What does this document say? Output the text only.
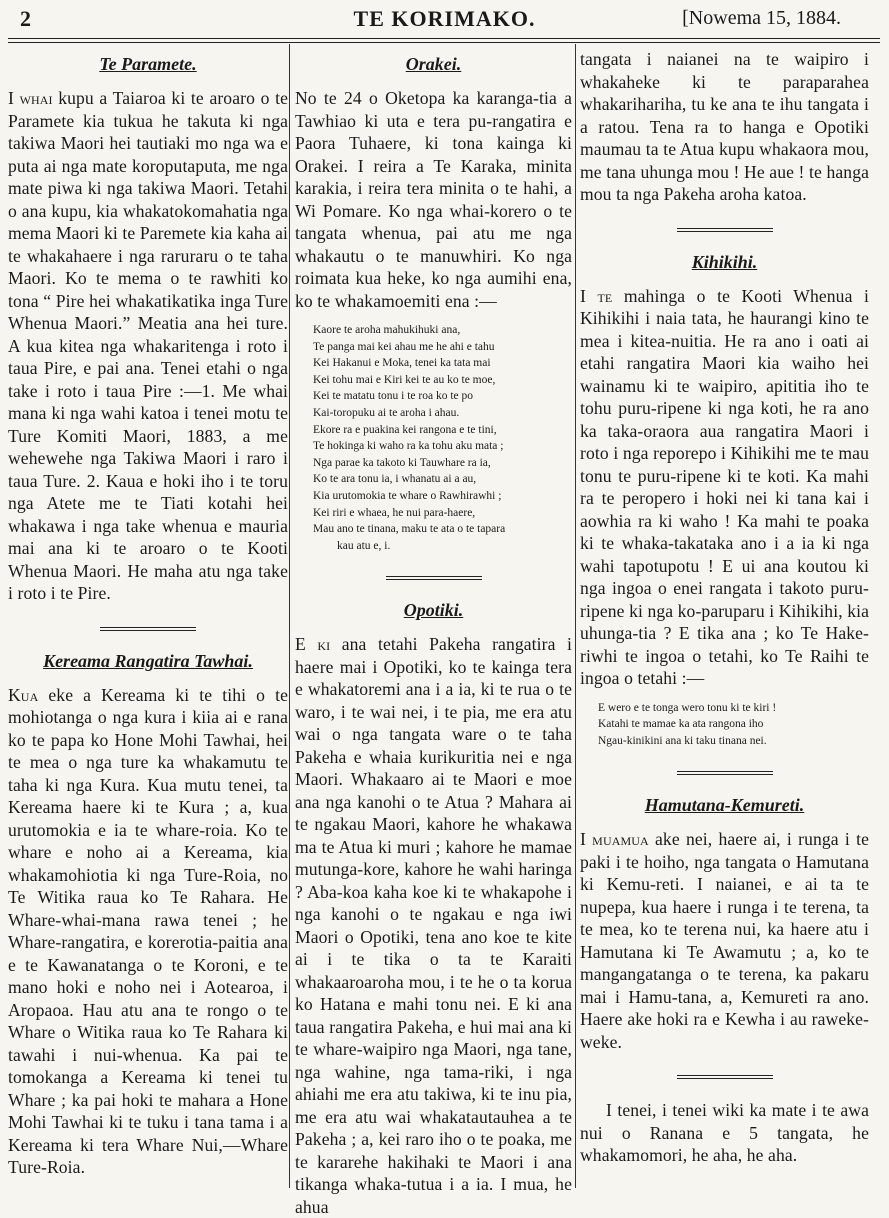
2	TE KORIMAKO.	[Nowema 15, 1884.
Te Paramete.

I whai kupu a Taiaroa ki te aroaro o te Paramete kia tukua he takuta ki nga takiwa Maori hei tautiaki mo nga wa e puta ai nga mate koroputaputa, me nga mate piwa ki nga takiwa Maori. Tetahi o ana kupu, kia whakatokomahatia nga mema Maori ki te Paremete kia kaha ai te whakahaere i nga raruraru o te taha Maori. Ko te mema o te rawhiti ko tona “ Pire hei whakatikatika inga Ture Whenua Maori.” Meatia ana hei ture. A kua kitea nga whakaritenga i roto i taua Pire, e pai ana. Tenei etahi o nga take i roto i taua Pire :—1. Me whai mana ki nga wahi katoa i tenei motu te Ture Komiti Maori, 1883, a me wehewehe nga Takiwa Maori i raro i taua Ture. 2. Kaua e hoki iho i te toru nga Atete me te Tiati kotahi hei whakawa i nga take whenua e mauria mai ana ki te aroaro o te Kooti Whenua Maori. He maha atu nga take i roto i te Pire.

Kereama Rangatira Tawhai.

Kua eke a Kereama ki te tihi o te mohiotanga o nga kura i kiia ai e rana ko te papa ko Hone Mohi Tawhai, hei te mea o nga ture ka whakamutu te taha ki nga Kura. Kua mutu tenei, ta Kereama haere ki te Kura ; a, kua urutomokia e ia te whare-roia. Ko te whare e noho ai a Kereama, kia whakamohiotia ki nga Ture-Roia, no Te Witika raua ko Te Rahara. He Whare-whai-mana rawa tenei ; he Whare-rangatira, e korerotia-paitia ana e te Kawanatanga o te Koroni, e te mano hoki e noho nei i Aotearoa, i Aropaoa. Hau atu ana te rongo o te Whare o Witika raua ko Te Rahara ki tawahi i nui-whenua. Ka pai te tomokanga a Kereama ki tenei tu Whare ; ka pai hoki te mahara a Hone Mohi Tawhai ki te tuku i tana tama i a Kereama ki tera Whare Nui,—Whare Ture-Roia.

Orakei.

No te 24 o Oketopa ka karanga-tia a Tawhiao ki uta e tera pu-rangatira e Paora Tuhaere, ki tona kainga ki Orakei. I reira a Te Karaka, minita karakia, i reira tera minita o te hahi, a Wi Pomare. Ko nga whai-korero o te tangata whenua, pai atu me nga whakautu o te manuwhiri. Ko nga roimata kua heke, ko nga aumihi ena, ko te whakamoemiti ena :—

Kaore te aroha mahukihuki ana,
Te panga mai kei ahau me he ahi e tahu
Kei Hakanui e Moka, tenei ka tata mai
Kei tohu mai e Kiri kei te au ko te moe,
Kei te matatu tonu i te roa ko te po
Kai-toropuku ai te aroha i ahau.
Ekore ra e puakina kei rangona e te tini,
Te hokinga ki waho ra ka tohu aku mata ;
Nga parae ka takoto ki Tauwhare ra ia,
Ko te ara tonu ia, i whanatu ai a au,
Kia urutomokia te whare o Rawhirawhi ;
Kei riri e whaea, he nui para-haere,
Mau ano te tinana, maku te ata o te tapara
kau atu e, i.
Opotiki.

E ki ana tetahi Pakeha rangatira i haere mai i Opotiki, ko te kainga tera e whakatoremi ana i a ia, ki te rua o te waro, i te wai nei, i te pia, me era atu wai o nga tangata ware o te taha Pakeha e whaia kurikuritia nei e nga Maori. Whakaaro ai te Maori e moe ana nga kanohi o te Atua ? Mahara ai te ngakau Maori, kahore he whakawa ma te Atua ki muri ; kahore he mamae mutunga-kore, kahore he wahi haringa ? Aba-koa kaha koe ki te whakapohe i nga kanohi o te ngakau e nga iwi Maori o Opotiki, tena ano koe te kite ai i te tika o ta te Karaiti whakaaroaroha mou, i te he o ta korua ko Hatana e mahi tonu nei. E ki ana taua rangatira Pakeha, e hui mai ana ki te whare-waipiro nga Maori, nga tane, nga wahine, nga tama-riki, i nga ahiahi me era atu takiwa, ki te inu pia, me era atu wai whakatautauhea a te Pakeha ; a, kei raro iho o te poaka, me te kararehe hakihaki te Maori i ana tikanga whaka-tutua i a ia. I mua, he ahua

tangata i naianei na te waipiro i whakaheke ki te paraparahea whakarihariha, tu ke ana te ihu tangata i a ratou. Tena ra to hanga e Opotiki maumau ta te Atua kupu whakaora mou, me tana uhunga mou ! He aue ! te hanga mou ta nga Pakeha aroha katoa.

Kihikihi.

I te mahinga o te Kooti Whenua i Kihikihi i naia tata, he haurangi kino te mea i kitea-nuitia. He ra ano i oati ai etahi rangatira Maori kia waiho hei wainamu ki te waipiro, apititia iho te tohu puru-ripene ki nga koti, he ra ano ka taka-oraora aua rangatira Maori i roto i nga reporepo i Kihikihi me te mau tonu te puru-ripene ki te koti. Ka mahi ra te peropero i hoki nei ki tana kai i aowhia ra ki waho ! Ka mahi te poaka ki te whaka-takataka ano i a ia ki nga wahi tapotupotu ! E ui ana koutou ki nga ingoa o enei rangata i takoto puru-ripene ki nga ko-paruparu i Kihikihi, kia uhunga-tia ? E tika ana ; ko Te Hake-riwhi te ingoa o tetahi, ko Te Raihi te ingoa o tetahi :—

E wero e te tonga wero tonu ki te kiri !
Katahi te mamae ka ata rangona iho
Ngau-kinikini ana ki taku tinana nei.
Hamutana-Kemureti.

I muamua ake nei, haere ai, i runga i te paki i te hoiho, nga tangata o Hamutana ki Kemu-reti. I naianei, e ai ta te nupepa, kua haere i runga i te terena, ta te mea, ko te terena nui, ka haere atu i Hamutana ki Te Awamutu ; a, ko te mangangatanga o te terena, ka pakaru mai i Hamu-tana, a, Kemureti ra ano. Haere ake hoki ra e Kewha i au raweke-weke.

I tenei, i tenei wiki ka mate i te awa nui o Ranana e 5 tangata, he whakamomori, he aha, he aha.
